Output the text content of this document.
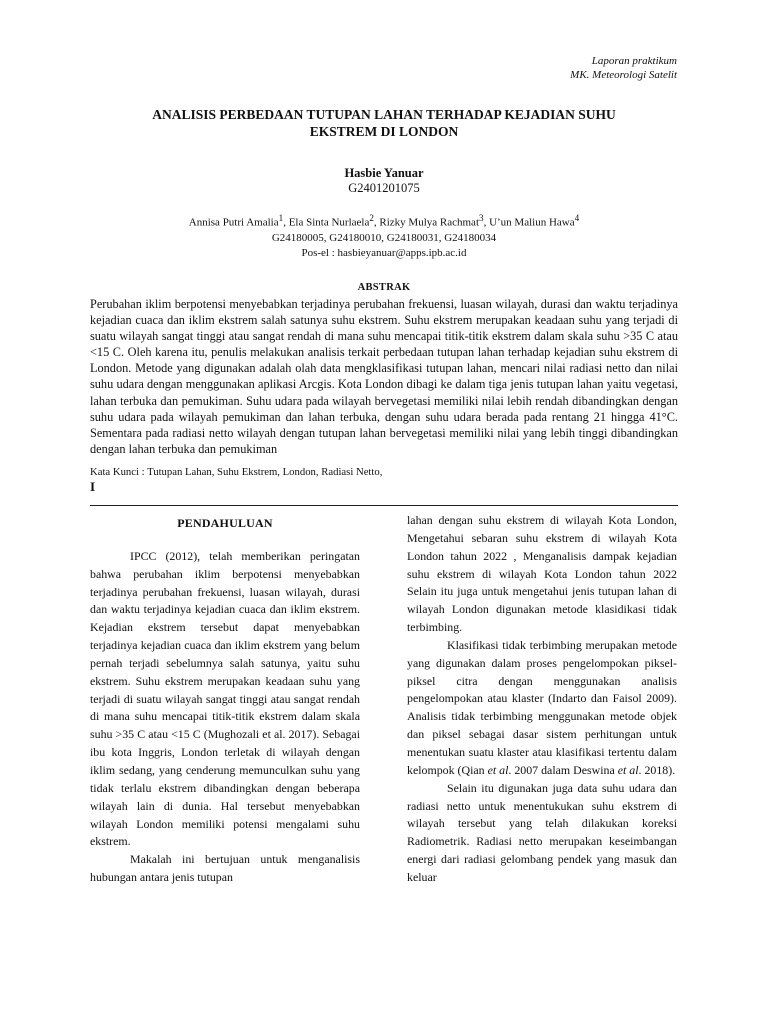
Laporan praktikum
MK. Meteorologi Satelit
ANALISIS PERBEDAAN TUTUPAN LAHAN TERHADAP KEJADIAN SUHU
EKSTREM DI LONDON
Hasbie Yanuar
G2401201075
Annisa Putri Amalia$^1$, Ela Sinta Nurlaela$^2$, Rizky Mulya Rachmat$^3$, U’un Maliun Hawa$^4$
G24180005, G24180010, G24180031, G24180034
Pos-el : hasbieyanuar@apps.ipb.ac.id
ABSTRAK
Perubahan iklim berpotensi menyebabkan terjadinya perubahan frekuensi, luasan wilayah, durasi dan waktu terjadinya kejadian cuaca dan iklim ekstrem salah satunya suhu ekstrem. Suhu ekstrem merupakan keadaan suhu yang terjadi di suatu wilayah sangat tinggi atau sangat rendah di mana suhu mencapai titik-titik ekstrem dalam skala suhu >35 C atau <15 C. Oleh karena itu, penulis melakukan analisis terkait perbedaan tutupan lahan terhadap kejadian suhu ekstrem di London. Metode yang digunakan adalah olah data mengklasifikasi tutupan lahan, mencari nilai radiasi netto dan nilai suhu udara dengan menggunakan aplikasi Arcgis. Kota London dibagi ke dalam tiga jenis tutupan lahan yaitu vegetasi, lahan terbuka dan pemukiman. Suhu udara pada wilayah bervegetasi memiliki nilai lebih rendah dibandingkan dengan suhu udara pada wilayah pemukiman dan lahan terbuka, dengan suhu udara berada pada rentang 21 hingga 41°C. Sementara pada radiasi netto wilayah dengan tutupan lahan bervegetasi memiliki nilai yang lebih tinggi dibandingkan dengan lahan terbuka dan pemukiman
Kata Kunci : Tutupan Lahan, Suhu Ekstrem, London, Radiasi Netto,
I
PENDAHULUAN

IPCC (2012), telah memberikan peringatan bahwa perubahan iklim berpotensi menyebabkan terjadinya perubahan frekuensi, luasan wilayah, durasi dan waktu terjadinya kejadian cuaca dan iklim ekstrem. Kejadian ekstrem tersebut dapat menyebabkan terjadinya kejadian cuaca dan iklim ekstrem yang belum pernah terjadi sebelumnya salah satunya, yaitu suhu ekstrem. Suhu ekstrem merupakan keadaan suhu yang terjadi di suatu wilayah sangat tinggi atau sangat rendah di mana suhu mencapai titik-titik ekstrem dalam skala suhu >35 C atau <15 C (Mughozali et al. 2017). Sebagai ibu kota Inggris, London terletak di wilayah dengan iklim sedang, yang cenderung memunculkan suhu yang tidak terlalu ekstrem dibandingkan dengan beberapa wilayah lain di dunia. Hal tersebut menyebabkan wilayah London memiliki potensi mengalami suhu ekstrem.

Makalah ini bertujuan untuk menganalisis hubungan antara jenis tutupan

lahan dengan suhu ekstrem di wilayah Kota London, Mengetahui sebaran suhu ekstrem di wilayah Kota London tahun 2022 , Menganalisis dampak kejadian suhu ekstrem di wilayah Kota London tahun 2022 Selain itu juga untuk mengetahui jenis tutupan lahan di wilayah London digunakan metode klasidikasi tidak terbimbing.

Klasifikasi tidak terbimbing merupakan metode yang digunakan dalam proses pengelompokan piksel-piksel citra dengan menggunakan analisis pengelompokan atau klaster (Indarto dan Faisol 2009). Analisis tidak terbimbing menggunakan metode objek dan piksel sebagai dasar sistem perhitungan untuk menentukan suatu klaster atau klasifikasi tertentu dalam kelompok (Qian et al. 2007 dalam Deswina et al. 2018).

Selain itu digunakan juga data suhu udara dan radiasi netto untuk menentukukan suhu ekstrem di wilayah tersebut yang telah dilakukan koreksi Radiometrik. Radiasi netto merupakan keseimbangan energi dari radiasi gelombang pendek yang masuk dan keluar
